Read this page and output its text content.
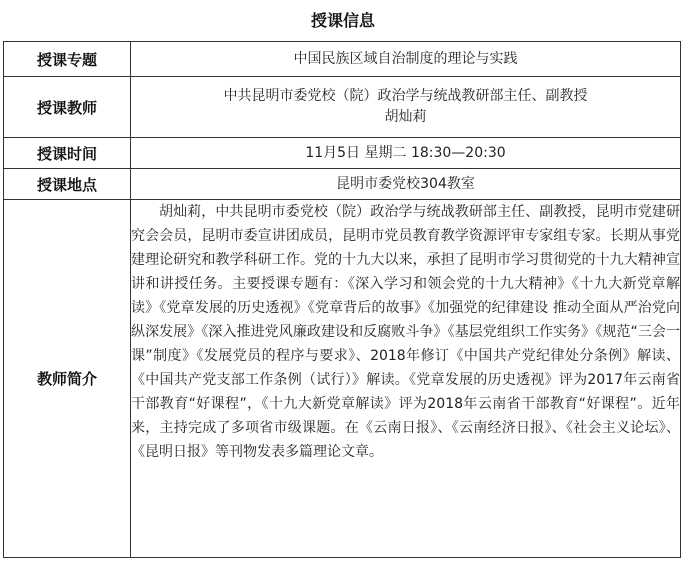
授课信息
授课专题	中国民族区域自治制度的理论与实践
授课教师	中共昆明市委党校（院）政治学与统战教研部主任、副教授
胡灿莉

授课时间	11月5日 星期二 18:30—20:30
授课地点	昆明市委党校304教室
教师简介	胡灿莉，中共昆明市委党校（院）政治学与统战教研部主任、副教授，昆明市党建研究会会员，昆明市委宣讲团成员，昆明市党员教育教学资源评审专家组专家。长期从事党建理论研究和教学科研工作。党的十九大以来，承担了昆明市学习贯彻党的十九大精神宣讲和讲授任务。主要授课专题有：《深入学习和领会党的十九大精神》《十九大新党章解读》《党章发展的历史透视》《党章背后的故事》《加强党的纪律建设 推动全面从严治党向纵深发展》《深入推进党风廉政建设和反腐败斗争》《基层党组织工作实务》《规范“三会一课”制度》《发展党员的程序与要求》、2018年修订《中国共产党纪律处分条例》解读、《中国共产党支部工作条例（试行）》解读。《党章发展的历史透视》评为2017年云南省干部教育“好课程”，《十九大新党章解读》评为2018年云南省干部教育“好课程”。近年来，主持完成了多项省市级课题。在《云南日报》、《云南经济日报》、《社会主义论坛》、《昆明日报》等刊物发表多篇理论文章。
